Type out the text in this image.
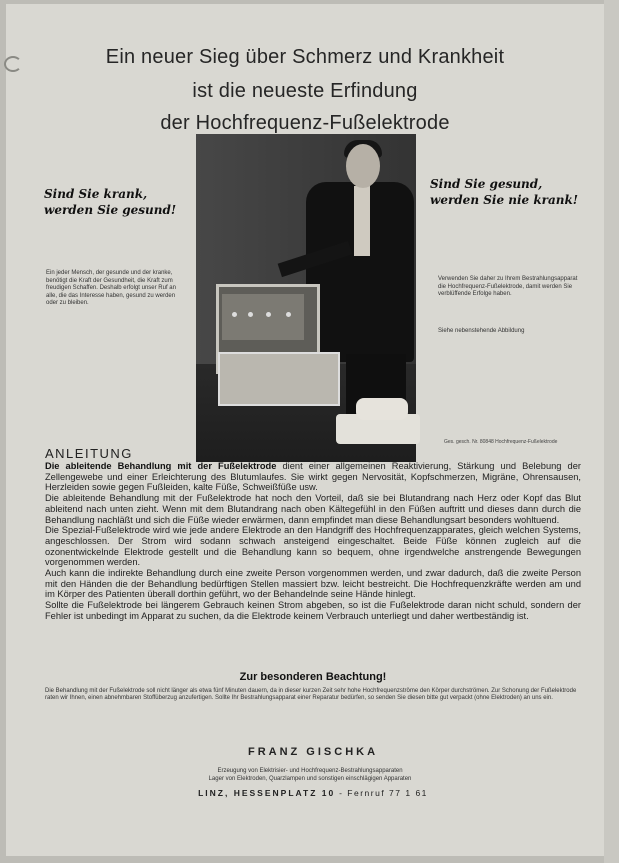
Ein neuer Sieg über Schmerz und Krankheit
ist die neueste Erfindung
der Hochfrequenz-Fußelektrode
Sind Sie krank, werden Sie gesund!
Sind Sie gesund, werden Sie nie krank!
Ein jeder Mensch, der gesunde und der kranke, benötigt die Kraft der Gesundheit, die Kraft zum freudigen Schaffen. Deshalb erfolgt unser Ruf an alle, die das Interesse haben, gesund zu werden oder zu bleiben.
Verwenden Sie daher zu Ihrem Bestrahlungsapparat die Hochfrequenz-Fußelektrode, damit werden Sie verblüffende Erfolge haben.
Siehe nebenstehende Abbildung
Ges. gesch. Nr. 80848 Hochfrequenz-Fußelektrode
ANLEITUNG

Die ableitende Behandlung mit der Fußelektrode dient einer allgemeinen Reaktivierung, Stärkung und Belebung der Zellengewebe und einer Erleichterung des Blutumlaufes. Sie wirkt gegen Nervosität, Kopfschmerzen, Migräne, Ohrensausen, Herzleiden sowie gegen Fußleiden, kalte Füße, Schweißfüße usw.

Die ableitende Behandlung mit der Fußelektrode hat noch den Vorteil, daß sie bei Blutandrang nach Herz oder Kopf das Blut ableitend nach unten zieht. Wenn mit dem Blutandrang nach oben Kältegefühl in den Füßen auftritt und dieses dann durch die Behandlung nachläßt und sich die Füße wieder erwärmen, dann empfindet man diese Behandlungsart besonders wohltuend.

Die Spezial-Fußelektrode wird wie jede andere Elektrode an den Handgriff des Hochfrequenzapparates, gleich welchen Systems, angeschlossen. Der Strom wird sodann schwach ansteigend eingeschaltet. Beide Füße können zugleich auf die ozonentwickelnde Elektrode gestellt und die Behandlung kann so bequem, ohne irgendwelche anstrengende Bewegungen vorgenommen werden.

Auch kann die indirekte Behandlung durch eine zweite Person vorgenommen werden, und zwar dadurch, daß die zweite Person mit den Händen die der Behandlung bedürftigen Stellen massiert bzw. leicht bestreicht. Die Hochfrequenzkräfte werden am und im Körper des Patienten überall dorthin geführt, wo der Behandelnde seine Hände hinlegt.

Sollte die Fußelektrode bei längerem Gebrauch keinen Strom abgeben, so ist die Fußelektrode daran nicht schuld, sondern der Fehler ist unbedingt im Apparat zu suchen, da die Elektrode keinem Verbrauch unterliegt und daher wertbeständig ist.

Zur besonderen Beachtung!
Die Behandlung mit der Fußelektrode soll nicht länger als etwa fünf Minuten dauern, da in dieser kurzen Zeit sehr hohe Hochfrequenzströme den Körper durchströmen. Zur Schonung der Fußelektrode raten wir Ihnen, einen abnehmbaren Stoffüberzug anzufertigen. Sollte Ihr Bestrahlungsapparat einer Reparatur bedürfen, so senden Sie diesen bitte gut verpackt (ohne Elektroden) an uns ein.
FRANZ GISCHKA
Erzeugung von Elektrisier- und Hochfrequenz-Bestrahlungsapparaten
Lager von Elektroden, Quarzlampen und sonstigen einschlägigen Apparaten
LINZ, HESSENPLATZ 10 - Fernruf 77 1 61
